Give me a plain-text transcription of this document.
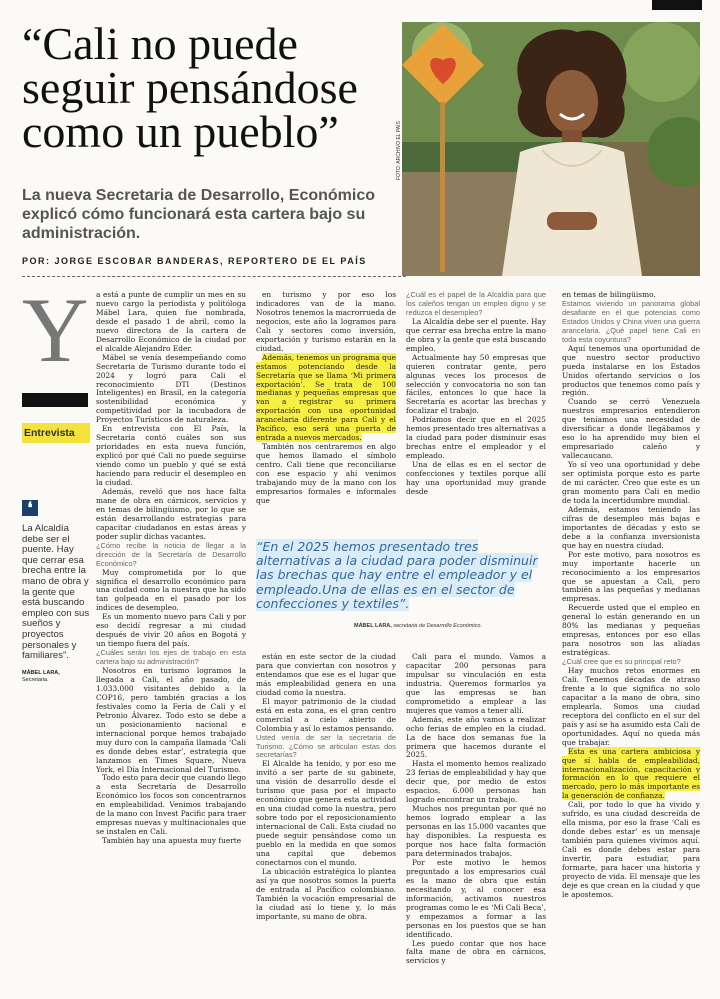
“Cali no puede seguir pensándose como un pueblo”

La nueva Secretaria de Desarrollo, Económico explicó cómo funcionará esta cartera bajo su administración.

POR: JORGE ESCOBAR BANDERAS, REPORTERO DE EL PAÍS
FOTO: ARCHIVO EL PAÍS
Y
Entrevista
❛
La Alcaldía debe ser el puente. Hay que cerrar esa brecha entre la mano de obra y la gente que está buscando empleo con sus sueños y proyectos personales y familiares”.
MÁBEL LARA,
Secretaria.

a está a punte de cumplir un mes en su nuevo cargo la periodista y politóloga Mábel Lara, quien fue nombrada, desde el pasado 1 de abril, como la nuevo directora de la cartera de Desarrollo Económico de la ciudad por el alcalde Alejandro Eder.

Mábel se venía desempeñando como Secretaria de Turismo durante todo el 2024 y logró para Cali el reconocimiento DTI (Destinos Inteligentes) en Brasil, en la categoría sostenibilidad económica y competitividad por la incubadora de Proyectos Turísticos de naturaleza.

En entrevista con El País, la Secretaria contó cuáles son sus prioridades en esta nueva función, explicó por qué Cali no puede seguirse viendo como un pueblo y qué se está haciendo para reducir el desempleo en la ciudad.

Además, reveló que nos hace falta mane de obra en cárnicos, servicios y en temas de bilingüismo, por lo que se están desarrollando estrategias para capacitar ciudadanos en estas áreas y poder suplir dichas vacantes.

¿Cómo recibe la noticia de llegar a la dirección de la Secretaría de Desarrollo Económico?

Muy comprometida por lo que significa el desarrollo económico para una ciudad como la nuestra que ha sido tan golpeada en el pasado por los índices de desempleo.

Es un momento nuevo para Cali y por eso decidí regresar a mi ciudad después de vivir 20 años en Bogotá y un tiempo fuera del país.

¿Cuáles serán los ejes de trabajo en esta cartera bajo su administración?

Nosotros en turismo logramos la llegada a Cali, el año pasado, de 1.033.000 visitantes debido a la COP16, pero también gracias a los festivales como la Feria de Cali y el Petronio Álvarez. Todo esto se debe a un posicionamiento nacional e internacional porque hemos trabajado muy duro con la campaña llamada ‘Cali es donde debes estar’, estrategia que lanzamos en Times Square, Nueva York, el Día Internacional del Turismo.

Todo esto para decir que cuando llego a esta Secretaría de Desarrollo Económico los focos son concentrarnos en empleabilidad. Venimos trabajando de la mano con Invest Pacific para traer empresas nuevas y multinacionales que se instalen en Cali.

También hay una apuesta muy fuerte

en turismo y por eso los indicadores van de la mano. Nosotros tenemos la macrorrueda de negocios, este año la logramos para Cali y sectores como inversión, exportación y turismo estarán en la ciudad.

Además, tenemos un programa que estamos potenciando desde la Secretaría que se llama ‘Mi primera exportación’. Se trata de 100 medianas y pequeñas empresas que van a registrar su primera exportación con una oportunidad arancelaria diferente para Cali y el Pacífico, eso será una puerta de entrada a nuevos mercados.

También nos centraremos en algo que hemos llamado el símbolo centro. Cali tiene que reconciliarse con ese espacio y ahí venimos trabajando muy de la mano con los empresarios formales e informales que

¿Cuál es el papel de la Alcaldía para que los caleños tengan un empleo digno y se reduzca el desempleo?

La Alcaldía debe ser el puente. Hay que cerrar esa brecha entre la mano de obra y la gente que está buscando empleo.

Actualmente hay 50 empresas que quieren contratar gente, pero algunas veces los procesos de selección y convocatoria no son tan fáciles, entonces lo que hace la Secretaría es acortar las brechas y focalizar el trabajo.

Podríamos decir que en el 2025 hemos presentado tres alternativas a la ciudad para poder disminuir esas brechas entre el empleador y el empleado.

Una de ellas es en el sector de confecciones y textiles porque allí hay una oportunidad muy grande desde

“En el 2025 hemos presentado tres alternativas a la ciudad para poder disminuir las brechas que hay entre el empleador y el empleado.Una de ellas es en el sector de confecciones y textiles”.
MÁBEL LARA, secretaria de Desarrollo Económico.

están en este sector de la ciudad para que conviertan con nosotros y entendamos que ese es el lugar que más empleabilidad genera en una ciudad como la nuestra.

El mayor patrimonio de la ciudad está en esta zona, es el gran centro comercial a cielo abierto de Colombia y así lo estamos pensando.

Usted venía de ser la secretaria de Turismo. ¿Cómo se articulan estas dos secretarías?

El Alcalde ha tenido, y por eso me invitó a ser parte de su gabinete, una visión de desarrollo desde el turismo que pasa por el impacto económico que genera esta actividad en una ciudad como la nuestra, pero sobre todo por el reposicionamiento internacional de Cali. Esta ciudad no puede seguir pensándose como un pueblo en la medida en que somos una capital que debemos conectarnos con el mundo.

La ubicación estratégica lo plantea así ya que nosotros somos la puerta de entrada al Pacífico colombiano. También la vocación empresarial de la ciudad así lo tiene y, lo más importante, su mano de obra.

Cali para el mundo. Vamos a capacitar 200 personas para impulsar su vinculación en esta industria. Queremos formarlos ya que las empresas se han comprometido a emplear a las mujeres que vamos a tener allí.

Además, este año vamos a realizar ocho ferias de empleo en la ciudad. La de hace dos semanas fue la primera que hacemos durante el 2025.

Hasta el momento hemos realizado 23 ferias de empleabilidad y hay que decir que, por medio de estos espacios, 6.000 personas han logrado encontrar un trabajo.

Muchos nos preguntan por qué no hemos logrado emplear a las personas en las 15.000 vacantes que hay disponibles. La respuesta es porque nos hace falta formación para determinados trabajos.

Por este motivo le hemos preguntado a los empresarios cuál es la mano de obra que están necesitando y, al conocer esa información, activamos nuestros programas como le es ‘Mi Cali Beca’, y empezamos a formar a las personas en los puestos que se han identificado.

Les puedo contar que nos hace falta mane de obra en cárnicos, servicios y

en temas de bilingüismo.

Estamos viviendo un panorama global desafiante en el que potencias como Estados Unidos y China viven una guerra arancelaria. ¿Qué papel tiene Cali en toda esta coyuntura?

Aquí tenemos una oportunidad de que nuestro sector productivo pueda instalarse en los Estados Unidos ofertando servicios o los productos que tenemos como país y región.

Cuando se cerró Venezuela nuestros empresarios entendieron que teníamos una necesidad de diversificar a donde llegábamos y eso lo ha aprendido muy bien el empresariado caleño y vallecaucano.

Yo sí veo una oportunidad y debe ser optimista porque esto es parte de mi carácter. Creo que este es un gran momento para Cali en medio de toda la incertidumbre mundial.

Además, estamos teniendo las cifras de desempleo más bajas e importantes de décadas y esto se debe a la confianza inversionista que hay en nuestra ciudad.

Por este motivo, para nosotros es muy importante hacerle un reconocimiento a los empresarios que se apuestan a Cali, pero también a las pequeñas y medianas empresas.

Recuerde usted que el empleo en general lo están generando en un 80% las medianas y pequeñas empresas, entonces por eso ellas para nosotros son las aliadas estratégicas.

¿Cuál cree que es su principal reto?

Hay muchos retos enormes en Cali. Tenemos décadas de atraso frente a lo que significa no solo capacitar a la mano de obra, sino emplearla. Somos una ciudad receptora del conflicto en el sur del país y así se ha asumido esta Cali de oportunidades. Aquí no queda más que trabajar.

Esta es una cartera ambiciosa y que sí habla de empleabilidad, internacionalización, capacitación y formación en lo que requiere el mercado, pero lo más importante es la generación de confianza.

Cali, por todo lo que ha vivido y sufrido, es una ciudad descreída de ella misma, por eso la frase ‘Cali es donde debes estar’ es un mensaje también para quienes vivimos aquí. Cali es donde debes estar para invertir, para estudiar, para formarte, para hacer una historia y proyecto de vida. El mensaje que les deje es que crean en la ciudad y que le apostemos.
